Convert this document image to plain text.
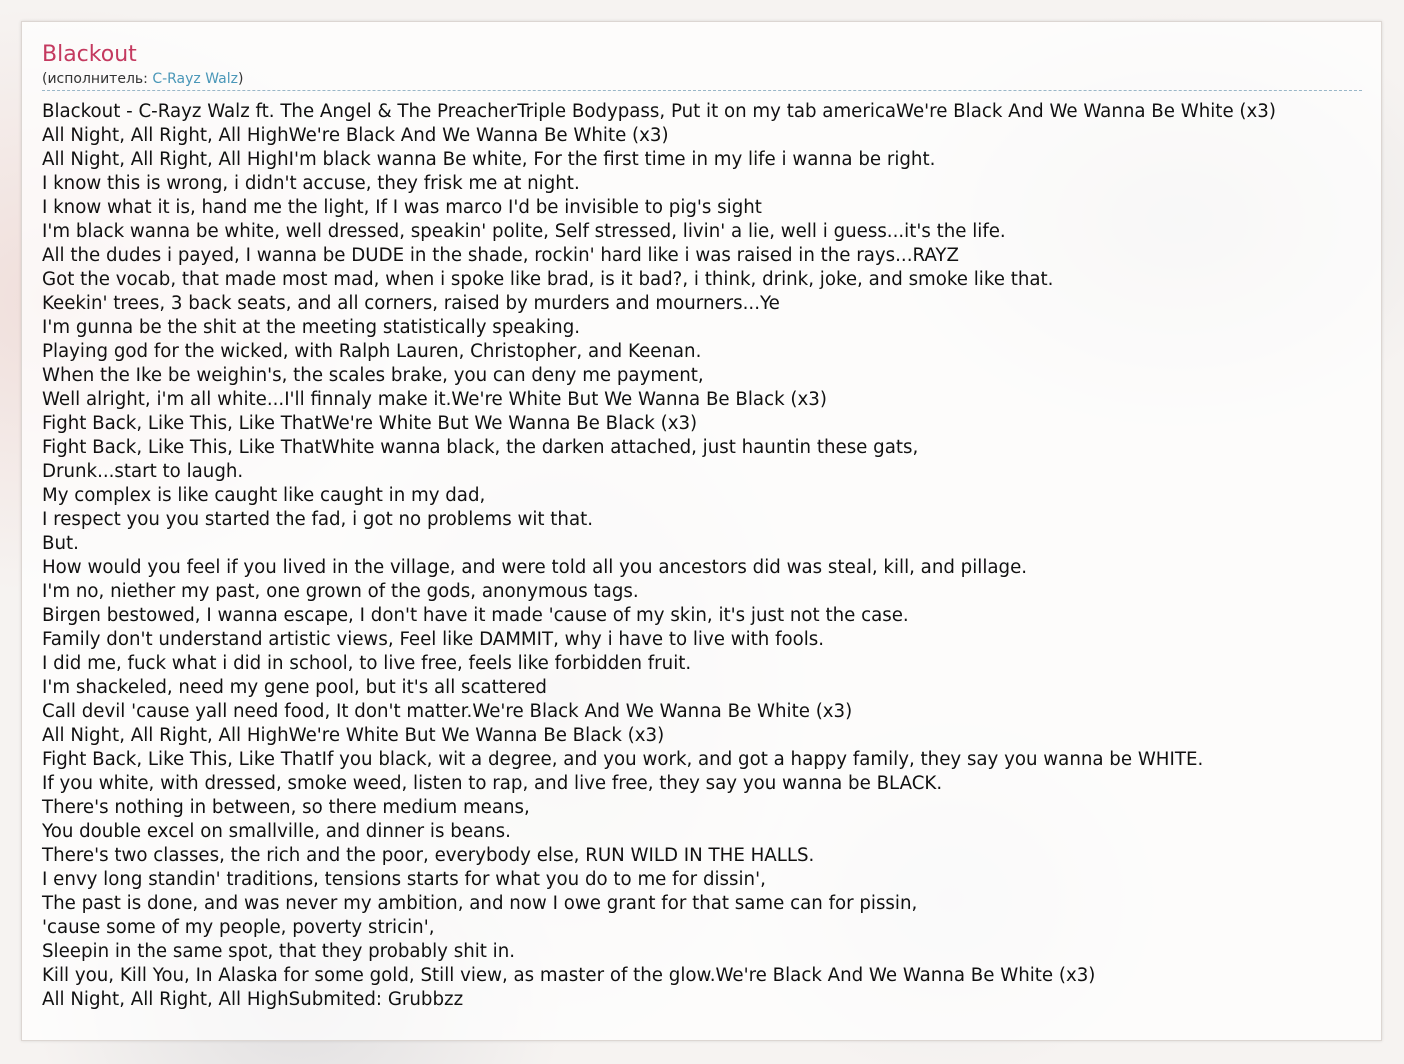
Blackout
(исполнитель: C-Rayz Walz)
Blackout - C-Rayz Walz ft. The Angel & The PreacherTriple Bodypass, Put it on my tab americaWe're Black And We Wanna Be White (x3)
All Night, All Right, All HighWe're Black And We Wanna Be White (x3)
All Night, All Right, All HighI'm black wanna Be white, For the first time in my life i wanna be right.
I know this is wrong, i didn't accuse, they frisk me at night.
I know what it is, hand me the light, If I was marco I'd be invisible to pig's sight
I'm black wanna be white, well dressed, speakin' polite, Self stressed, livin' a lie, well i guess...it's the life.
All the dudes i payed, I wanna be DUDE in the shade, rockin' hard like i was raised in the rays...RAYZ
Got the vocab, that made most mad, when i spoke like brad, is it bad?, i think, drink, joke, and smoke like that.
Keekin' trees, 3 back seats, and all corners, raised by murders and mourners...Ye
I'm gunna be the shit at the meeting statistically speaking.
Playing god for the wicked, with Ralph Lauren, Christopher, and Keenan.
When the Ike be weighin's, the scales brake, you can deny me payment,
Well alright, i'm all white...I'll finnaly make it.We're White But We Wanna Be Black (x3)
Fight Back, Like This, Like ThatWe're White But We Wanna Be Black (x3)
Fight Back, Like This, Like ThatWhite wanna black, the darken attached, just hauntin these gats,
Drunk...start to laugh.
My complex is like caught like caught in my dad,
I respect you you started the fad, i got no problems wit that.
But.
How would you feel if you lived in the village, and were told all you ancestors did was steal, kill, and pillage.
I'm no, niether my past, one grown of the gods, anonymous tags.
Birgen bestowed, I wanna escape, I don't have it made 'cause of my skin, it's just not the case.
Family don't understand artistic views, Feel like DAMMIT, why i have to live with fools.
I did me, fuck what i did in school, to live free, feels like forbidden fruit.
I'm shackeled, need my gene pool, but it's all scattered
Call devil 'cause yall need food, It don't matter.We're Black And We Wanna Be White (x3)
All Night, All Right, All HighWe're White But We Wanna Be Black (x3)
Fight Back, Like This, Like ThatIf you black, wit a degree, and you work, and got a happy family, they say you wanna be WHITE.
If you white, with dressed, smoke weed, listen to rap, and live free, they say you wanna be BLACK.
There's nothing in between, so there medium means,
You double excel on smallville, and dinner is beans.
There's two classes, the rich and the poor, everybody else, RUN WILD IN THE HALLS.
I envy long standin' traditions, tensions starts for what you do to me for dissin',
The past is done, and was never my ambition, and now I owe grant for that same can for pissin,
'cause some of my people, poverty stricin',
Sleepin in the same spot, that they probably shit in.
Kill you, Kill You, In Alaska for some gold, Still view, as master of the glow.We're Black And We Wanna Be White (x3)
All Night, All Right, All HighSubmited: Grubbzz
